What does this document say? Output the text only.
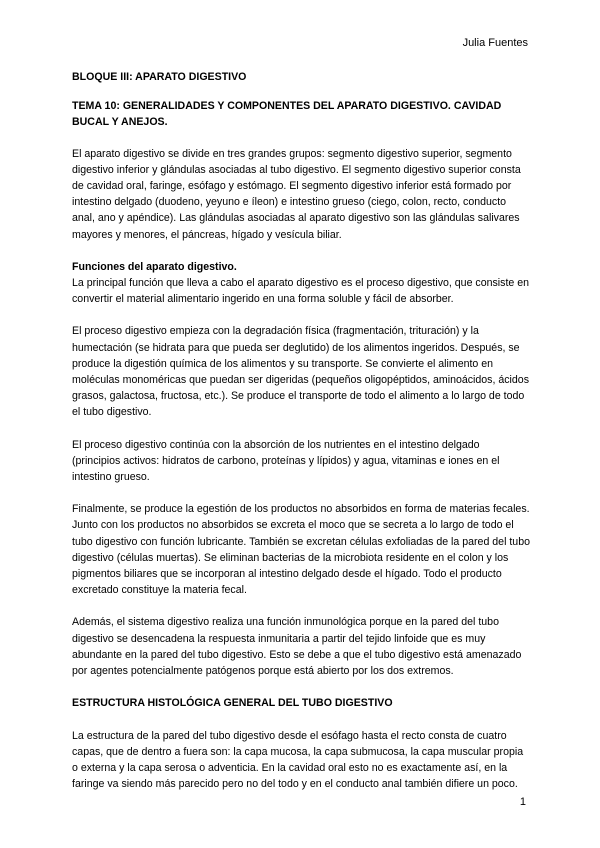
Julia Fuentes

BLOQUE III: APARATO DIGESTIVO

TEMA 10: GENERALIDADES Y COMPONENTES DEL APARATO DIGESTIVO. CAVIDAD BUCAL Y ANEJOS.

El aparato digestivo se divide en tres grandes grupos: segmento digestivo superior, segmento digestivo inferior y glándulas asociadas al tubo digestivo. El segmento digestivo superior consta de cavidad oral, faringe, esófago y estómago. El segmento digestivo inferior está formado por intestino delgado (duodeno, yeyuno e íleon) e intestino grueso (ciego, colon, recto, conducto anal, ano y apéndice). Las glándulas asociadas al aparato digestivo son las glándulas salivares mayores y menores, el páncreas, hígado y vesícula biliar.

Funciones del aparato digestivo.

La principal función que lleva a cabo el aparato digestivo es el proceso digestivo, que consiste en convertir el material alimentario ingerido en una forma soluble y fácil de absorber.

El proceso digestivo empieza con la degradación física (fragmentación, trituración) y la humectación (se hidrata para que pueda ser deglutido) de los alimentos ingeridos. Después, se produce la digestión química de los alimentos y su transporte. Se convierte el alimento en moléculas monoméricas que puedan ser digeridas (pequeños oligopéptidos, aminoácidos, ácidos grasos, galactosa, fructosa, etc.). Se produce el transporte de todo el alimento a lo largo de todo el tubo digestivo.

El proceso digestivo continúa con la absorción de los nutrientes en el intestino delgado (principios activos: hidratos de carbono, proteínas y lípidos) y agua, vitaminas e iones en el intestino grueso.

Finalmente, se produce la egestión de los productos no absorbidos en forma de materias fecales. Junto con los productos no absorbidos se excreta el moco que se secreta a lo largo de todo el tubo digestivo con función lubricante. También se excretan células exfoliadas de la pared del tubo digestivo (células muertas). Se eliminan bacterias de la microbiota residente en el colon y los pigmentos biliares que se incorporan al intestino delgado desde el hígado. Todo el producto excretado constituye la materia fecal.

Además, el sistema digestivo realiza una función inmunológica porque en la pared del tubo digestivo se desencadena la respuesta inmunitaria a partir del tejido linfoide que es muy abundante en la pared del tubo digestivo. Esto se debe a que el tubo digestivo está amenazado por agentes potencialmente patógenos porque está abierto por los dos extremos.

ESTRUCTURA HISTOLÓGICA GENERAL DEL TUBO DIGESTIVO

La estructura de la pared del tubo digestivo desde el esófago hasta el recto consta de cuatro capas, que de dentro a fuera son: la capa mucosa, la capa submucosa, la capa muscular propia o externa y la capa serosa o adventicia. En la cavidad oral esto no es exactamente así, en la faringe va siendo más parecido pero no del todo y en el conducto anal también difiere un poco.

1
